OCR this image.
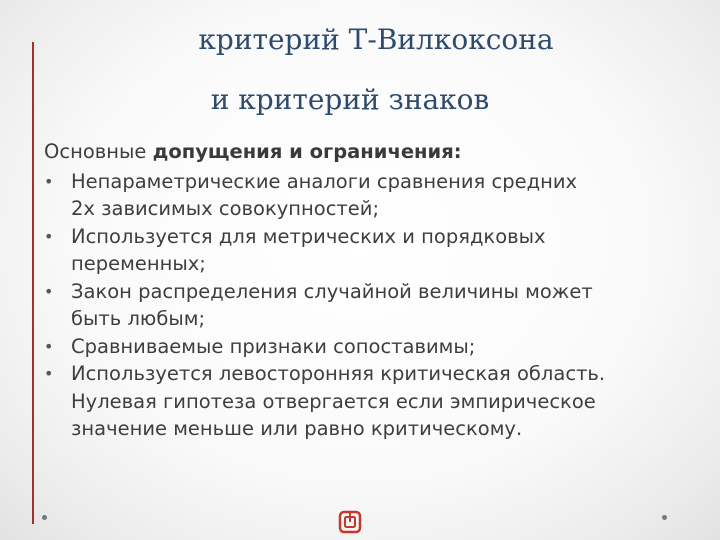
критерий Т-Вилкоксона
и критерий знаков

Основные допущения и ограничения:

• Непараметрические аналоги сравнения средних
2х зависимых совокупностей;
• Используется для метрических и порядковых
переменных;
• Закон распределения случайной величины может
быть любым;
• Сравниваемые признаки сопоставимы;
• Используется левосторонняя критическая область.
Нулевая гипотеза отвергается если эмпирическое
значение меньше или равно критическому.
